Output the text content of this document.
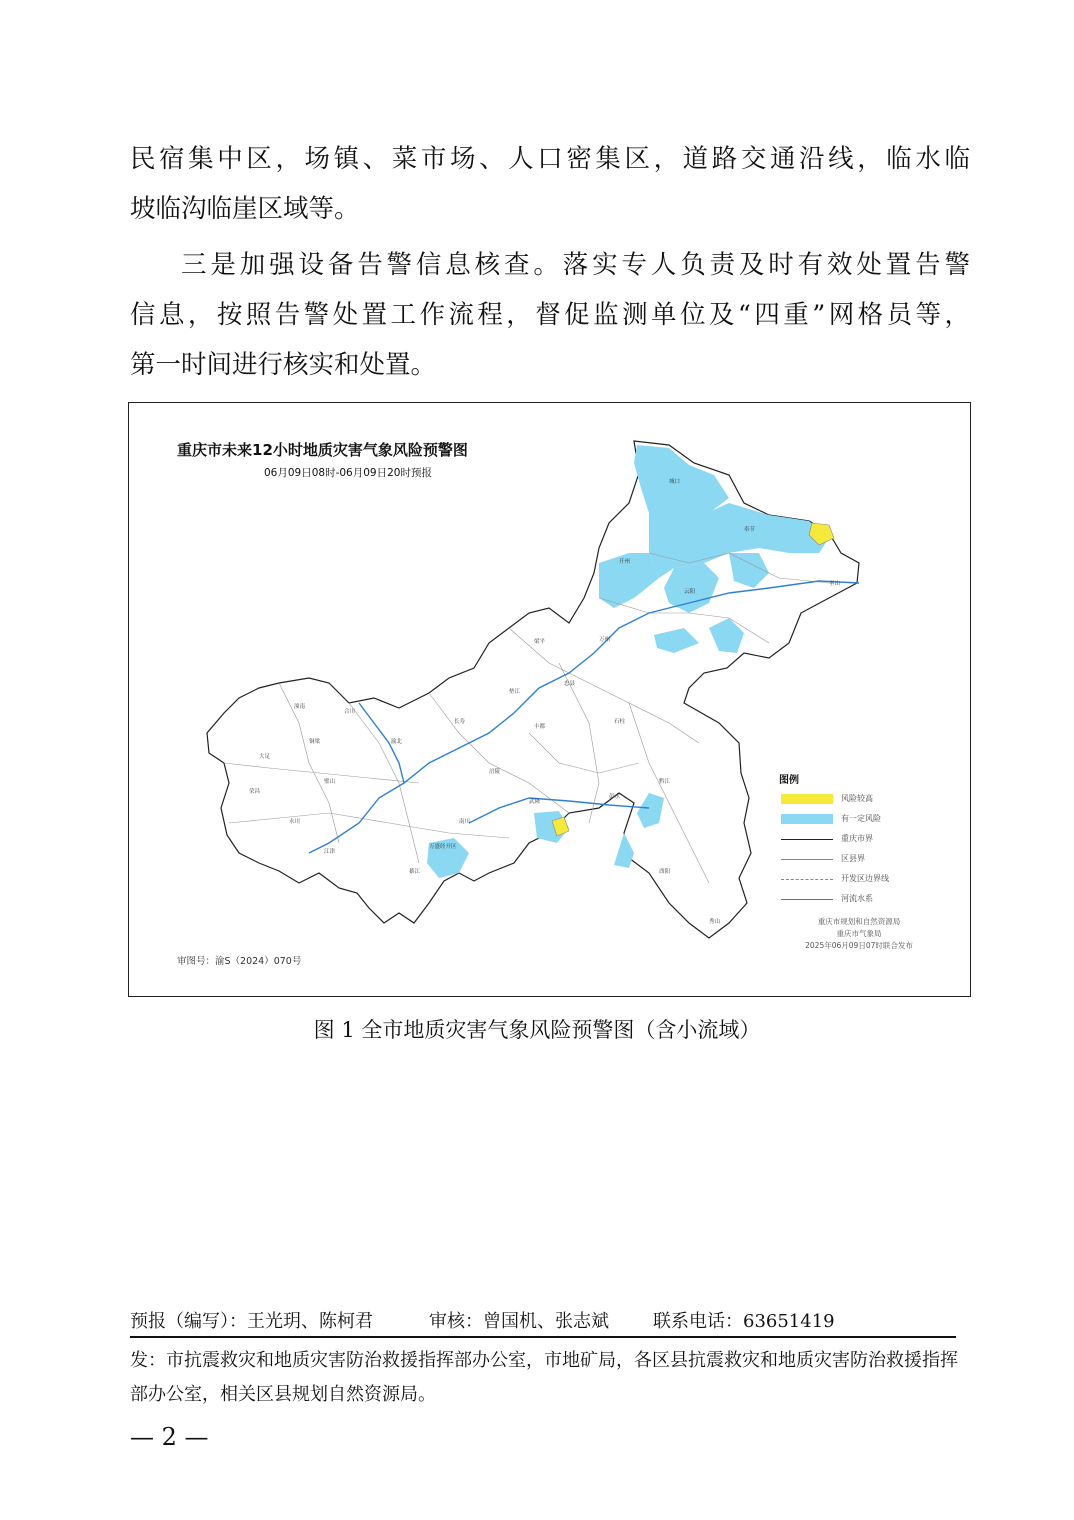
民宿集中区，场镇、菜市场、人口密集区，道路交通沿线，临水临
坡临沟临崖区域等。
三是加强设备告警信息核查。落实专人负责及时有效处置告警
信息，按照告警处置工作流程，督促监测单位及“四重”网格员等，
第一时间进行核实和处置。
城口
奉节
开州
云阳
巫山
万州
梁平
垫江
忠县
石柱
长寿
丰都
涪陵
武隆
彭水
黔江
酉阳
秀山
南川
万盛经开区
綦江
江津
永川
荣昌
大足
铜梁
合川
潼南
璧山
渝北
重庆市未来12小时地质灾害气象风险预警图
06月09日08时-06月09日20时预报
审图号：渝S（2024）070号
图例
风险较高
有一定风险
重庆市界
区县界
开发区边界线
河流水系
重庆市规划和自然资源局
重庆市气象局
2025年06月09日07时联合发布
图 1 全市地质灾害气象风险预警图（含小流域）
预报（编写）：王光玥、陈柯君	审核：曾国机、张志斌 联系电话：63651419
发：市抗震救灾和地质灾害防治救援指挥部办公室，市地矿局，各区县抗震救灾和地质灾害防治救援指挥部办公室，相关区县规划自然资源局。
— 2 —
